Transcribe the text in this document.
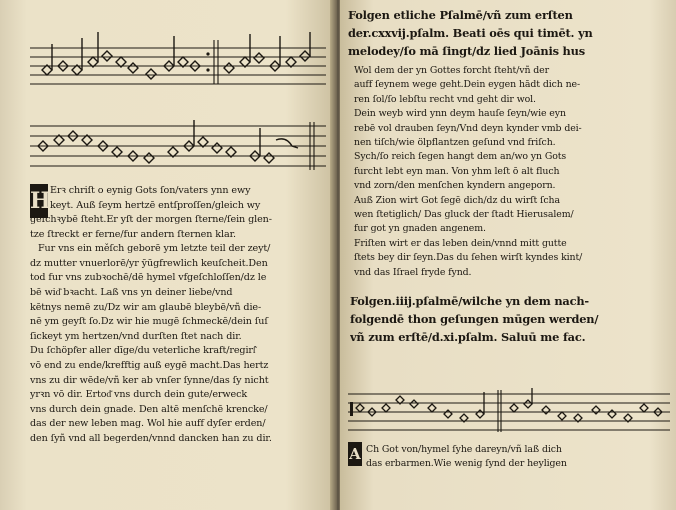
H Erꝛ chriſt o eynig Gots ſon/vaters ynn ewy
keyt. Auß ſeym hertzē entſproſſen/gleich wy
geſchꝛybē ſteht.Er yſt der morgen ſterne/ſein glen-
tze ſtreckt er ferne/fur andern ſternen klar.
Fur vns ein měſch geborē ym letzte teil der zeyt/
dz mutter vnuerlorē/yr ȳūgfrewlich keuſcheit.Den
tod fur vns zubꝛochē/dē hymel vfgeſchloſſen/dz le
bē wid͂ bꝛacht. Laß vns yn deiner liebe/vnd
kētnys nemē zu/Dz wir am glaubē bleybē/vñ die-
nē ym geyſt ſo.Dz wir hie mugē ſchmeckē/dein ſuſ
ſickeyt ym hertzen/vnd durſten ſtet nach dir.
Du ſchöpf͂er aller dīge/du veterliche kraft/regirſ͂
vō end zu ende/krefftig auß eygē macht.Das hertz
vns zu dir wēde/vñ ker ab vnſer ſynne/das ſy nicht
yrꝛn vō dir. Ertod͂ vns durch dein gute/erweck
vns durch dein gnade. Den altē menſchē krencke/
das der new leben mag. Wol hie auff dyſer erden/
den ſyñ vnd all begerden/vnnd dancken han zu dir.
Folgen etliche Pſalmē/vñ zum erſten
der.cxxvij.pſalm. Beati oēs qui timēt. yn
melodey/ſo mā ſingt/dz lied Joānis hus
Wol dem der yn Gottes forcht ſteht/vñ der
auff ſeynem wege geht.Dein eygen hādt dich ne-
ren ſol/ſo lebſtu recht vnd geht dir wol.
Dein weyb wird ynn deym hauſe ſeyn/wie eyn
rebē vol drauben ſeyn/Vnd deyn kynder vmb dei-
nen tiſch/wie ölpflantzen geſund vnd friſch.
Sych/ſo reich ſegen hangt dem an/wo yn Gots
furcht lebt eyn man. Von yhm leſt ō alt fluch
vnd zorn/den menſchen kyndern angeporn.
Auß Zion wirt Got ſegē dich/dz du wirſt ſcha
wen ſtetiglich/ Das gluck der ſtadt Hierusalem/
fur got yn gnaden angenem.
Friſten wirt er das leben dein/vnnd mitt gutte
ſtets bey dir ſeyn.Das du ſehen wirſt kyndes kint/
vnd das Iſrael fryde fynd.
Folgen.iiij.pſalmē/wilche yn dem nach-
folgendē thon geſungen mūgen werden/
vñ zum erſtē/d.xi.pſalm. Saluū me fac.
A Ch Got von/hymel ſyhe dareyn/vñ laß dich
das erbarmen.Wie wenig ſynd der heyligen
